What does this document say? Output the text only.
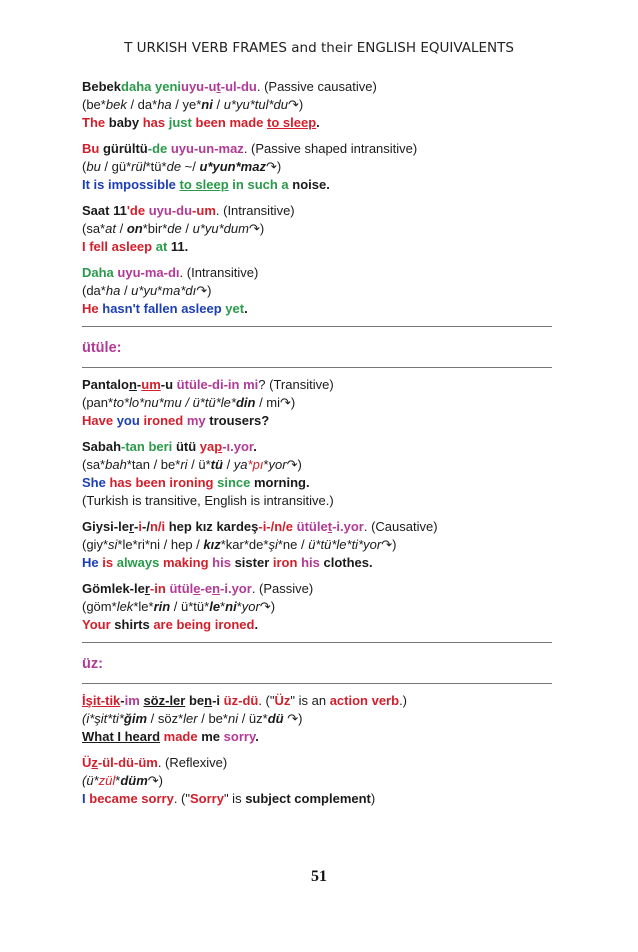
T URKISH VERB FRAMES and their ENGLISH EQUIVALENTS
Bebekdaha yeniuyu-ut-ul-du. (Passive causative)
(be*bek / da*ha / ye*ni / u*yu*tul*du↷)
The baby has just been made to sleep.
Bu gürültü-de uyu-un-maz. (Passive shaped intransitive)
(bu / gü*rül*tü*de ~/ u*yun*maz↷)
It is impossible to sleep in such a noise.
Saat 11'de uyu-du-um. (Intransitive)
(sa*at / on*bir*de / u*yu*dum↷)
I fell asleep at 11.
Daha uyu-ma-dı. (Intransitive)
(da*ha / u*yu*ma*dı↷)
He hasn't fallen asleep yet.
ütüle:
Pantalon-um-u ütüle-di-in mi? (Transitive)
(pan*to*lo*nu*mu / ü*tü*le*din / mi↷)
Have you ironed my trousers?
Sabah-tan beri ütü yap-ı.yor.
(sa*bah*tan / be*ri / ü*tü / ya*pı*yor↷)
She has been ironing since morning.
(Turkish is transitive, English is intransitive.)
Giysi-ler-i-/n/i hep kız kardeş-i-/n/e ütület-i.yor. (Causative)
(giy*si*le*ri*ni / hep / kız*kar*de*şi*ne / ü*tü*le*ti*yor↷)
He is always making his sister iron his clothes.
Gömlek-ler-in ütüle-en-i.yor. (Passive)
(göm*lek*le*rin / ü*tü*le*ni*yor↷)
Your shirts are being ironed.
üz:
İşit-tik-im söz-ler ben-i üz-dü. ("Üz" is an action verb.)
(i*şit*ti*ğim / söz*ler / be*ni / üz*dü ↷)
What I heard made me sorry.
Üz-ül-dü-üm. (Reflexive)
(ü*zül*düm↷)
I became sorry. ("Sorry" is subject complement)
51
